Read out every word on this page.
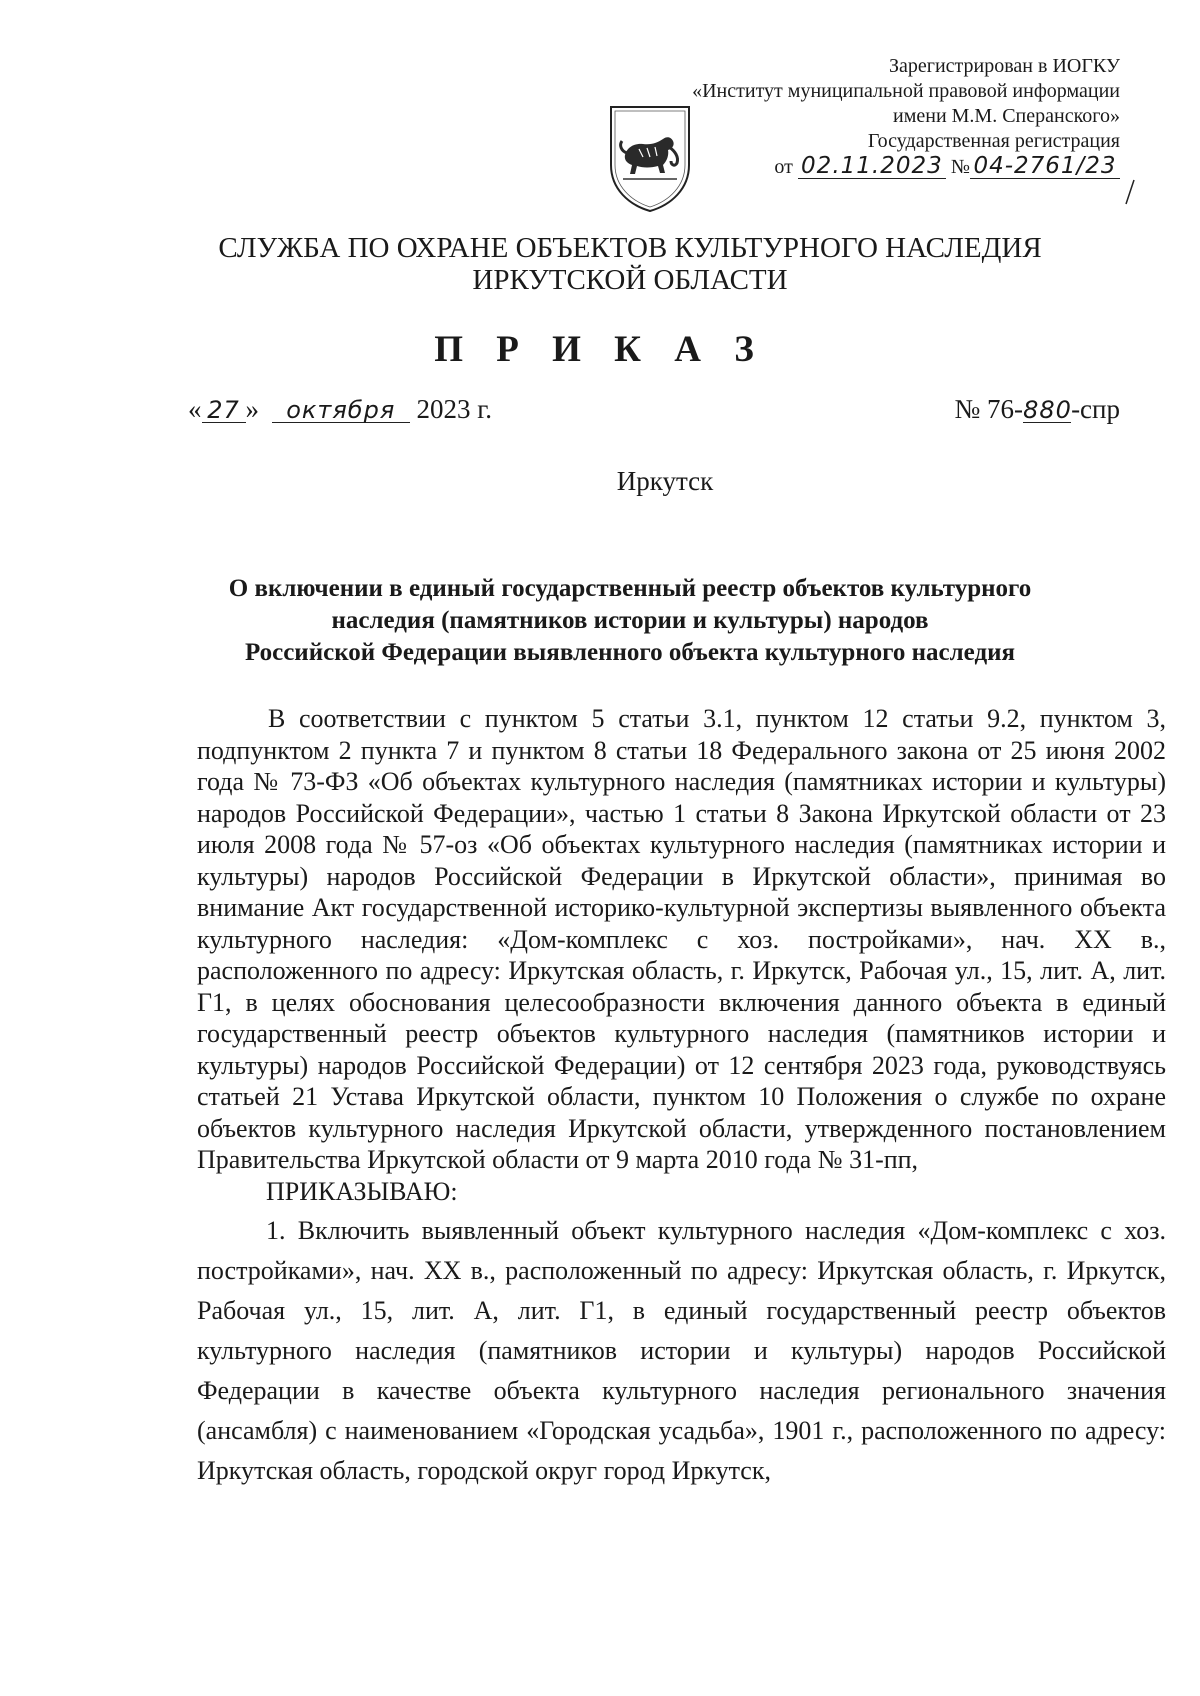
Зарегистрирован в ИОГКУ
«Институт муниципальной правовой информации
имени М.М. Сперанского»
Государственная регистрация
от 02.11.2023 № 04-2761/23
СЛУЖБА ПО ОХРАНЕ ОБЪЕКТОВ КУЛЬТУРНОГО НАСЛЕДИЯ
ИРКУТСКОЙ ОБЛАСТИ
П Р И К А З
« 27 » октября 2023 г.	№ 76-880-спр
Иркутск
О включении в единый государственный реестр объектов культурного
наследия (памятников истории и культуры) народов
Российской Федерации выявленного объекта культурного наследия

В соответствии с пунктом 5 статьи 3.1, пунктом 12 статьи 9.2, пунктом 3, подпунктом 2 пункта 7 и пунктом 8 статьи 18 Федерального закона от 25 июня 2002 года № 73-ФЗ «Об объектах культурного наследия (памятниках истории и культуры) народов Российской Федерации», частью 1 статьи 8 Закона Иркутской области от 23 июля 2008 года № 57-оз «Об объектах культурного наследия (памятниках истории и культуры) народов Российской Федерации в Иркутской области», принимая во внимание Акт государственной историко-культурной экспертизы выявленного объекта культурного наследия: «Дом-комплекс с хоз. постройками», нач. XX в., расположенного по адресу: Иркутская область, г. Иркутск, Рабочая ул., 15, лит. А, лит. Г1, в целях обоснования целесообразности включения данного объекта в единый государственный реестр объектов культурного наследия (памятников истории и культуры) народов Российской Федерации) от 12 сентября 2023 года, руководствуясь статьей 21 Устава Иркутской области, пунктом 10 Положения о службе по охране объектов культурного наследия Иркутской области, утвержденного постановлением Правительства Иркутской области от 9 марта 2010 года № 31-пп,

ПРИКАЗЫВАЮ:

1. Включить выявленный объект культурного наследия «Дом-комплекс с хоз. постройками», нач. XX в., расположенный по адресу: Иркутская область, г. Иркутск, Рабочая ул., 15, лит. А, лит. Г1, в единый государственный реестр объектов культурного наследия (памятников истории и культуры) народов Российской Федерации в качестве объекта культурного наследия регионального значения (ансамбля) с наименованием «Городская усадьба», 1901 г., расположенного по адресу: Иркутская область, городской округ город Иркутск,
